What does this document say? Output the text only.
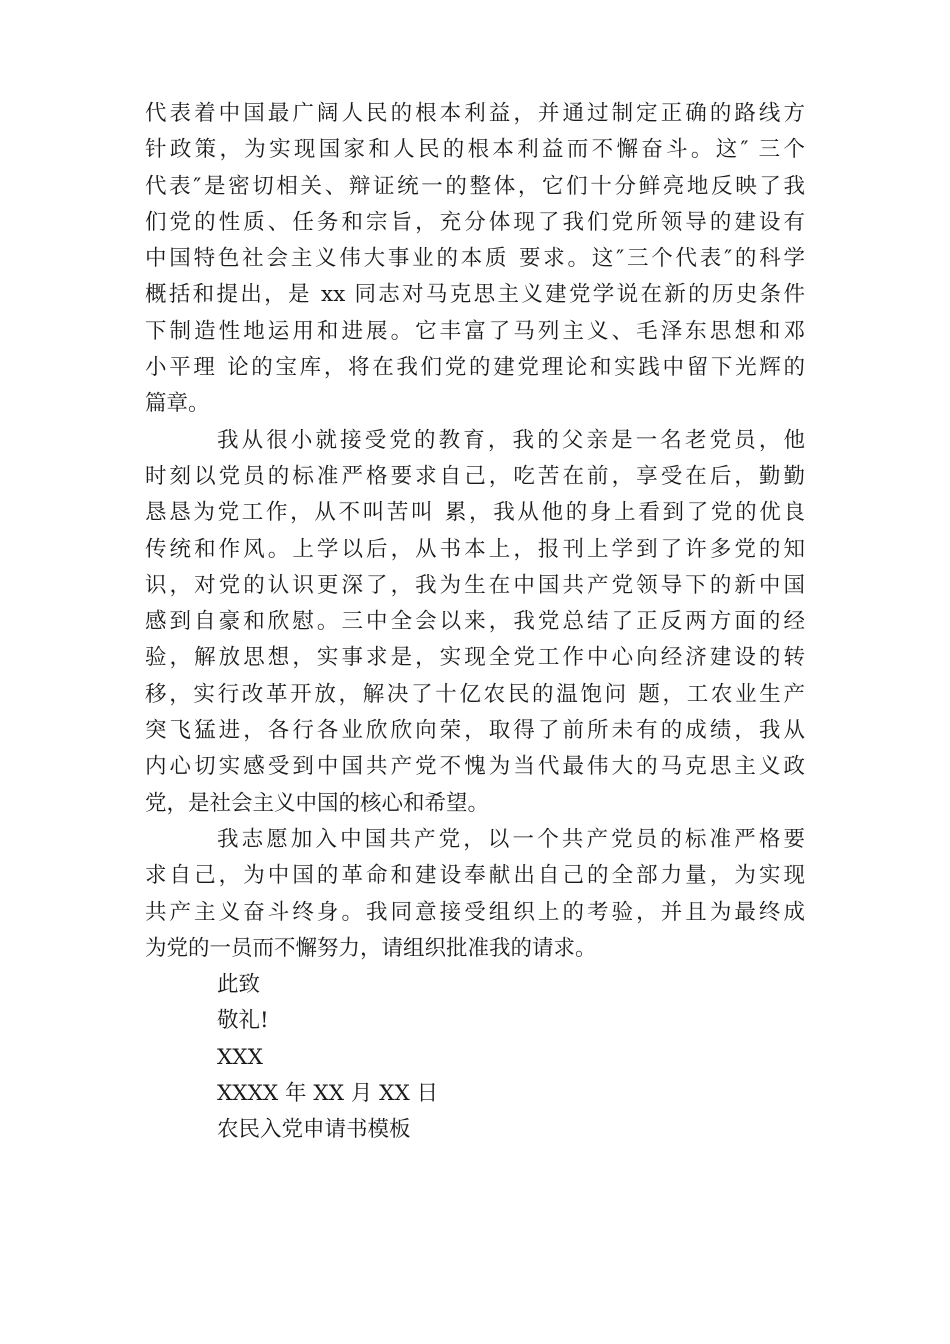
代表着中国最广阔人民的根本利益，并通过制定正确的路线方
针政策，为实现国家和人民的根本利益而不懈奋斗。这″ 三个
代表″是密切相关、辩证统一的整体，它们十分鲜亮地反映了我
们党的性质、任务和宗旨，充分体现了我们党所领导的建设有
中国特色社会主义伟大事业的本质 要求。这″三个代表″的科学
概括和提出，是 xx 同志对马克思主义建党学说在新的历史条件
下制造性地运用和进展。它丰富了马列主义、毛泽东思想和邓
小平理 论的宝库，将在我们党的建党理论和实践中留下光辉的
篇章。
我从很小就接受党的教育，我的父亲是一名老党员，他
时刻以党员的标准严格要求自己，吃苦在前，享受在后，勤勤
恳恳为党工作，从不叫苦叫 累，我从他的身上看到了党的优良
传统和作风。上学以后，从书本上，报刊上学到了许多党的知
识，对党的认识更深了，我为生在中国共产党领导下的新中国
感到自豪和欣慰。三中全会以来，我党总结了正反两方面的经
验，解放思想，实事求是，实现全党工作中心向经济建设的转
移，实行改革开放，解决了十亿农民的温饱问 题，工农业生产
突飞猛进，各行各业欣欣向荣，取得了前所未有的成绩，我从
内心切实感受到中国共产党不愧为当代最伟大的马克思主义政
党，是社会主义中国的核心和希望。
我志愿加入中国共产党，以一个共产党员的标准严格要
求自己，为中国的革命和建设奉献出自己的全部力量，为实现
共产主义奋斗终身。我同意接受组织上的考验，并且为最终成
为党的一员而不懈努力，请组织批准我的请求。
此致
敬礼!
XXX
XXXX 年 XX 月 XX 日
农民入党申请书模板
